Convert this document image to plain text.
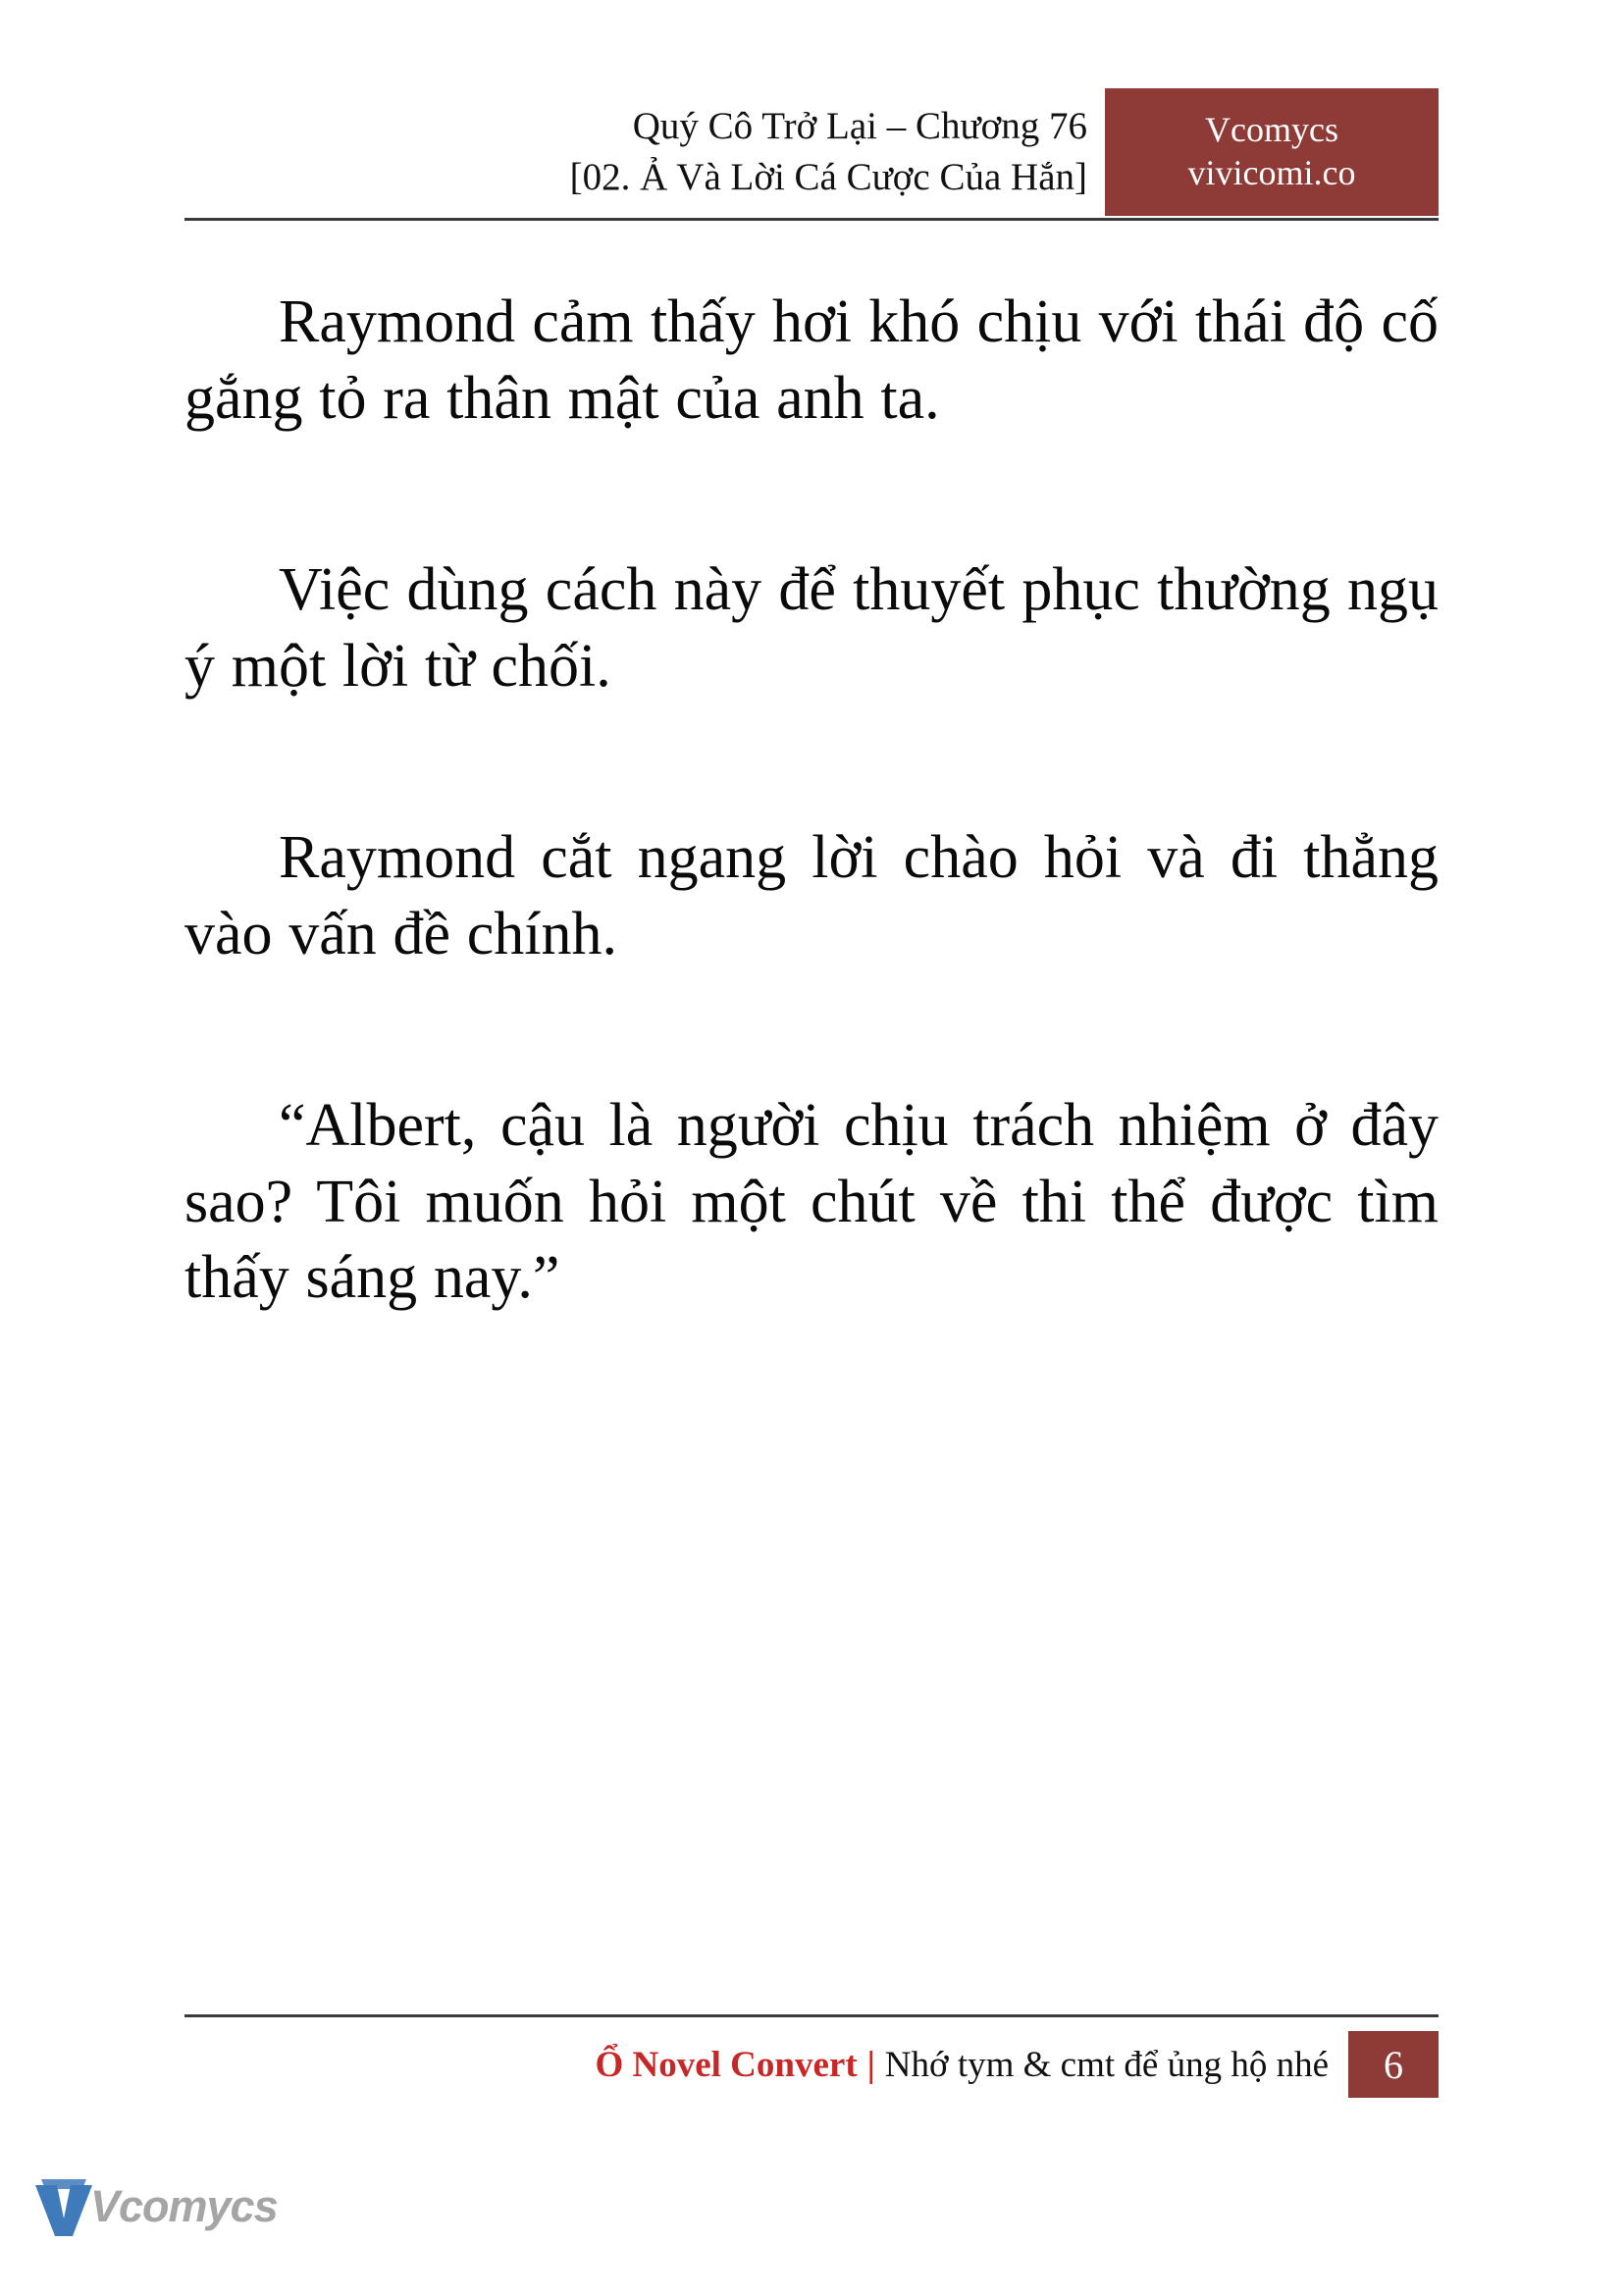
Quý Cô Trở Lại – Chương 76
[02. Ả Và Lời Cá Cược Của Hắn]
Vcomycs
vivicomi.co

Raymond cảm thấy hơi khó chịu với thái độ cố gắng tỏ ra thân mật của anh ta.

Việc dùng cách này để thuyết phục thường ngụ ý một lời từ chối.

Raymond cắt ngang lời chào hỏi và đi thẳng vào vấn đề chính.

“Albert, cậu là người chịu trách nhiệm ở đây sao? Tôi muốn hỏi một chút về thi thể được tìm thấy sáng nay.”

Ổ Novel Convert | Nhớ tym & cmt để ủng hộ nhé	6
Vcomycs
